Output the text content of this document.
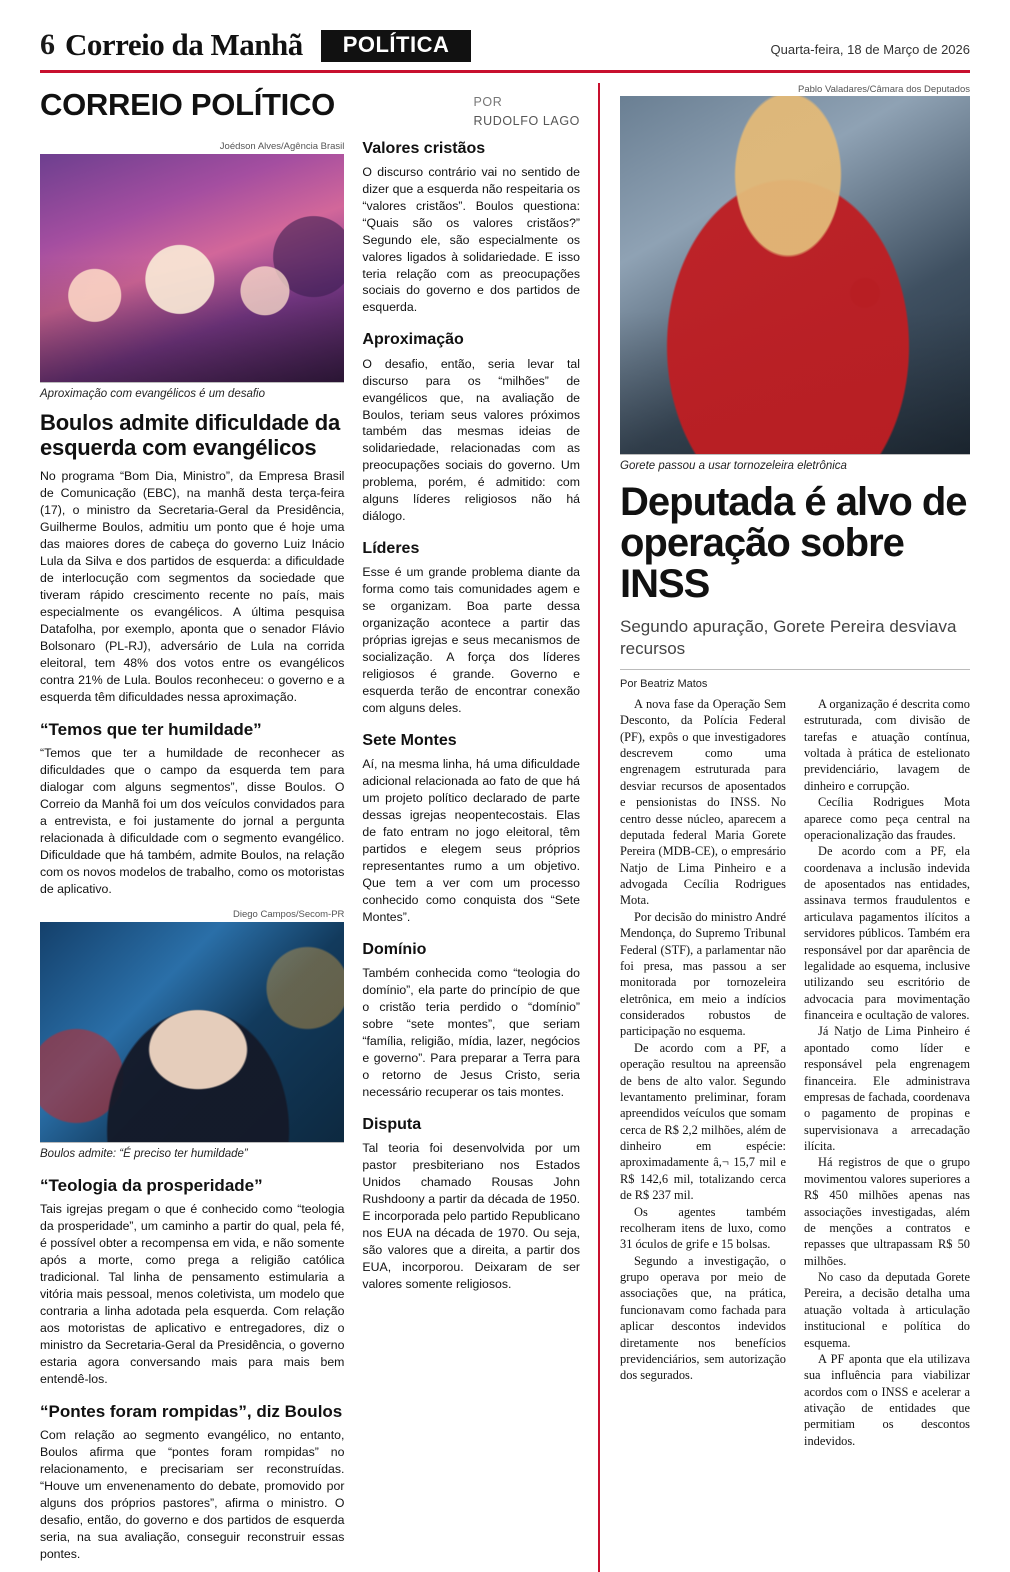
6 Correio da Manhã	POLÍTICA	Quarta-feira, 18 de Março de 2026
CORREIO POLÍTICO	POR
RUDOLFO LAGO
Joédson Alves/Agência Brasil
Aproximação com evangélicos é um desafio
Boulos admite dificuldade da esquerda com evangélicos

No programa “Bom Dia, Ministro”, da Empresa Brasil de Comunicação (EBC), na manhã desta terça-feira (17), o ministro da Secretaria-Geral da Presidência, Guilherme Boulos, admitiu um ponto que é hoje uma das maiores dores de cabeça do governo Luiz Inácio Lula da Silva e dos partidos de esquerda: a dificuldade de interlocução com segmentos da sociedade que tiveram rápido crescimento recente no país, mais especialmente os evangélicos. A última pesquisa Datafolha, por exemplo, aponta que o senador Flávio Bolsonaro (PL-RJ), adversário de Lula na corrida eleitoral, tem 48% dos votos entre os evangélicos contra 21% de Lula. Boulos reconheceu: o governo e a esquerda têm dificuldades nessa aproximação.

“Temos que ter humildade”

“Temos que ter a humildade de reconhecer as dificuldades que o campo da esquerda tem para dialogar com alguns segmentos”, disse Boulos. O Correio da Manhã foi um dos veículos convidados para a entrevista, e foi justamente do jornal a pergunta relacionada à dificuldade com o segmento evangélico. Dificuldade que há também, admite Boulos, na relação com os novos modelos de trabalho, como os motoristas de aplicativo.

Diego Campos/Secom-PR
Boulos admite: “É preciso ter humildade”
“Teologia da prosperidade”

Tais igrejas pregam o que é conhecido como “teologia da prosperidade”, um caminho a partir do qual, pela fé, é possível obter a recompensa em vida, e não somente após a morte, como prega a religião católica tradicional. Tal linha de pensamento estimularia a vitória mais pessoal, menos coletivista, um modelo que contraria a linha adotada pela esquerda. Com relação aos motoristas de aplicativo e entregadores, diz o ministro da Secretaria-Geral da Presidência, o governo estaria agora conversando mais para mais bem entendê-los.

“Pontes foram rompidas”, diz Boulos

Com relação ao segmento evangélico, no entanto, Boulos afirma que “pontes foram rompidas” no relacionamento, e precisariam ser reconstruídas. “Houve um envenenamento do debate, promovido por alguns dos próprios pastores”, afirma o ministro. O desafio, então, do governo e dos partidos de esquerda seria, na sua avaliação, conseguir reconstruir essas pontes.

Valores cristãos

O discurso contrário vai no sentido de dizer que a esquerda não respeitaria os “valores cristãos”. Boulos questiona: “Quais são os valores cristãos?” Segundo ele, são especialmente os valores ligados à solidariedade. E isso teria relação com as preocupações sociais do governo e dos partidos de esquerda.

Aproximação

O desafio, então, seria levar tal discurso para os “milhões” de evangélicos que, na avaliação de Boulos, teriam seus valores próximos também das mesmas ideias de solidariedade, relacionadas com as preocupações sociais do governo. Um problema, porém, é admitido: com alguns líderes religiosos não há diálogo.

Líderes

Esse é um grande problema diante da forma como tais comunidades agem e se organizam. Boa parte dessa organização acontece a partir das próprias igrejas e seus mecanismos de socialização. A força dos líderes religiosos é grande. Governo e esquerda terão de encontrar conexão com alguns deles.

Sete Montes

Aí, na mesma linha, há uma dificuldade adicional relacionada ao fato de que há um projeto político declarado de parte dessas igrejas neopentecostais. Elas de fato entram no jogo eleitoral, têm partidos e elegem seus próprios representantes rumo a um objetivo. Que tem a ver com um processo conhecido como conquista dos “Sete Montes”.

Domínio

Também conhecida como “teologia do domínio”, ela parte do princípio de que o cristão teria perdido o “domínio” sobre “sete montes”, que seriam “família, religião, mídia, lazer, negócios e governo”. Para preparar a Terra para o retorno de Jesus Cristo, seria necessário recuperar os tais montes.

Disputa

Tal teoria foi desenvolvida por um pastor presbiteriano nos Estados Unidos chamado Rousas John Rushdoony a partir da década de 1950. E incorporada pelo partido Republicano nos EUA na década de 1970. Ou seja, são valores que a direita, a partir dos EUA, incorporou. Deixaram de ser valores somente religiosos.

Pablo Valadares/Câmara dos Deputados
Gorete passou a usar tornozeleira eletrônica
Deputada é alvo de operação sobre INSS
Segundo apuração, Gorete Pereira desviava recursos
Por Beatriz Matos

A nova fase da Operação Sem Desconto, da Polícia Federal (PF), expôs o que investigadores descrevem como uma engrenagem estruturada para desviar recursos de aposentados e pensionistas do INSS. No centro desse núcleo, aparecem a deputada federal Maria Gorete Pereira (MDB-CE), o empresário Natjo de Lima Pinheiro e a advogada Cecília Rodrigues Mota.

Por decisão do ministro André Mendonça, do Supremo Tribunal Federal (STF), a parlamentar não foi presa, mas passou a ser monitorada por tornozeleira eletrônica, em meio a indícios considerados robustos de participação no esquema.

De acordo com a PF, a operação resultou na apreensão de bens de alto valor. Segundo levantamento preliminar, foram apreendidos veículos que somam cerca de R$ 2,2 milhões, além de dinheiro em espécie: aproximadamente â,¬ 15,7 mil e R$ 142,6 mil, totalizando cerca de R$ 237 mil.

Os agentes também recolheram itens de luxo, como 31 óculos de grife e 15 bolsas.

Segundo a investigação, o grupo operava por meio de associações que, na prática, funcionavam como fachada para aplicar descontos indevidos diretamente nos benefícios previdenciários, sem autorização dos segurados.

A organização é descrita como estruturada, com divisão de tarefas e atuação contínua, voltada à prática de estelionato previdenciário, lavagem de dinheiro e corrupção.

Cecília Rodrigues Mota aparece como peça central na operacionalização das fraudes.

De acordo com a PF, ela coordenava a inclusão indevida de aposentados nas entidades, assinava termos fraudulentos e articulava pagamentos ilícitos a servidores públicos. Também era responsável por dar aparência de legalidade ao esquema, inclusive utilizando seu escritório de advocacia para movimentação financeira e ocultação de valores.

Já Natjo de Lima Pinheiro é apontado como líder e responsável pela engrenagem financeira. Ele administrava empresas de fachada, coordenava o pagamento de propinas e supervisionava a arrecadação ilícita.

Há registros de que o grupo movimentou valores superiores a R$ 450 milhões apenas nas associações investigadas, além de menções a contratos e repasses que ultrapassam R$ 50 milhões.

No caso da deputada Gorete Pereira, a decisão detalha uma atuação voltada à articulação institucional e política do esquema.

A PF aponta que ela utilizava sua influência para viabilizar acordos com o INSS e acelerar a ativação de entidades que permitiam os descontos indevidos.
